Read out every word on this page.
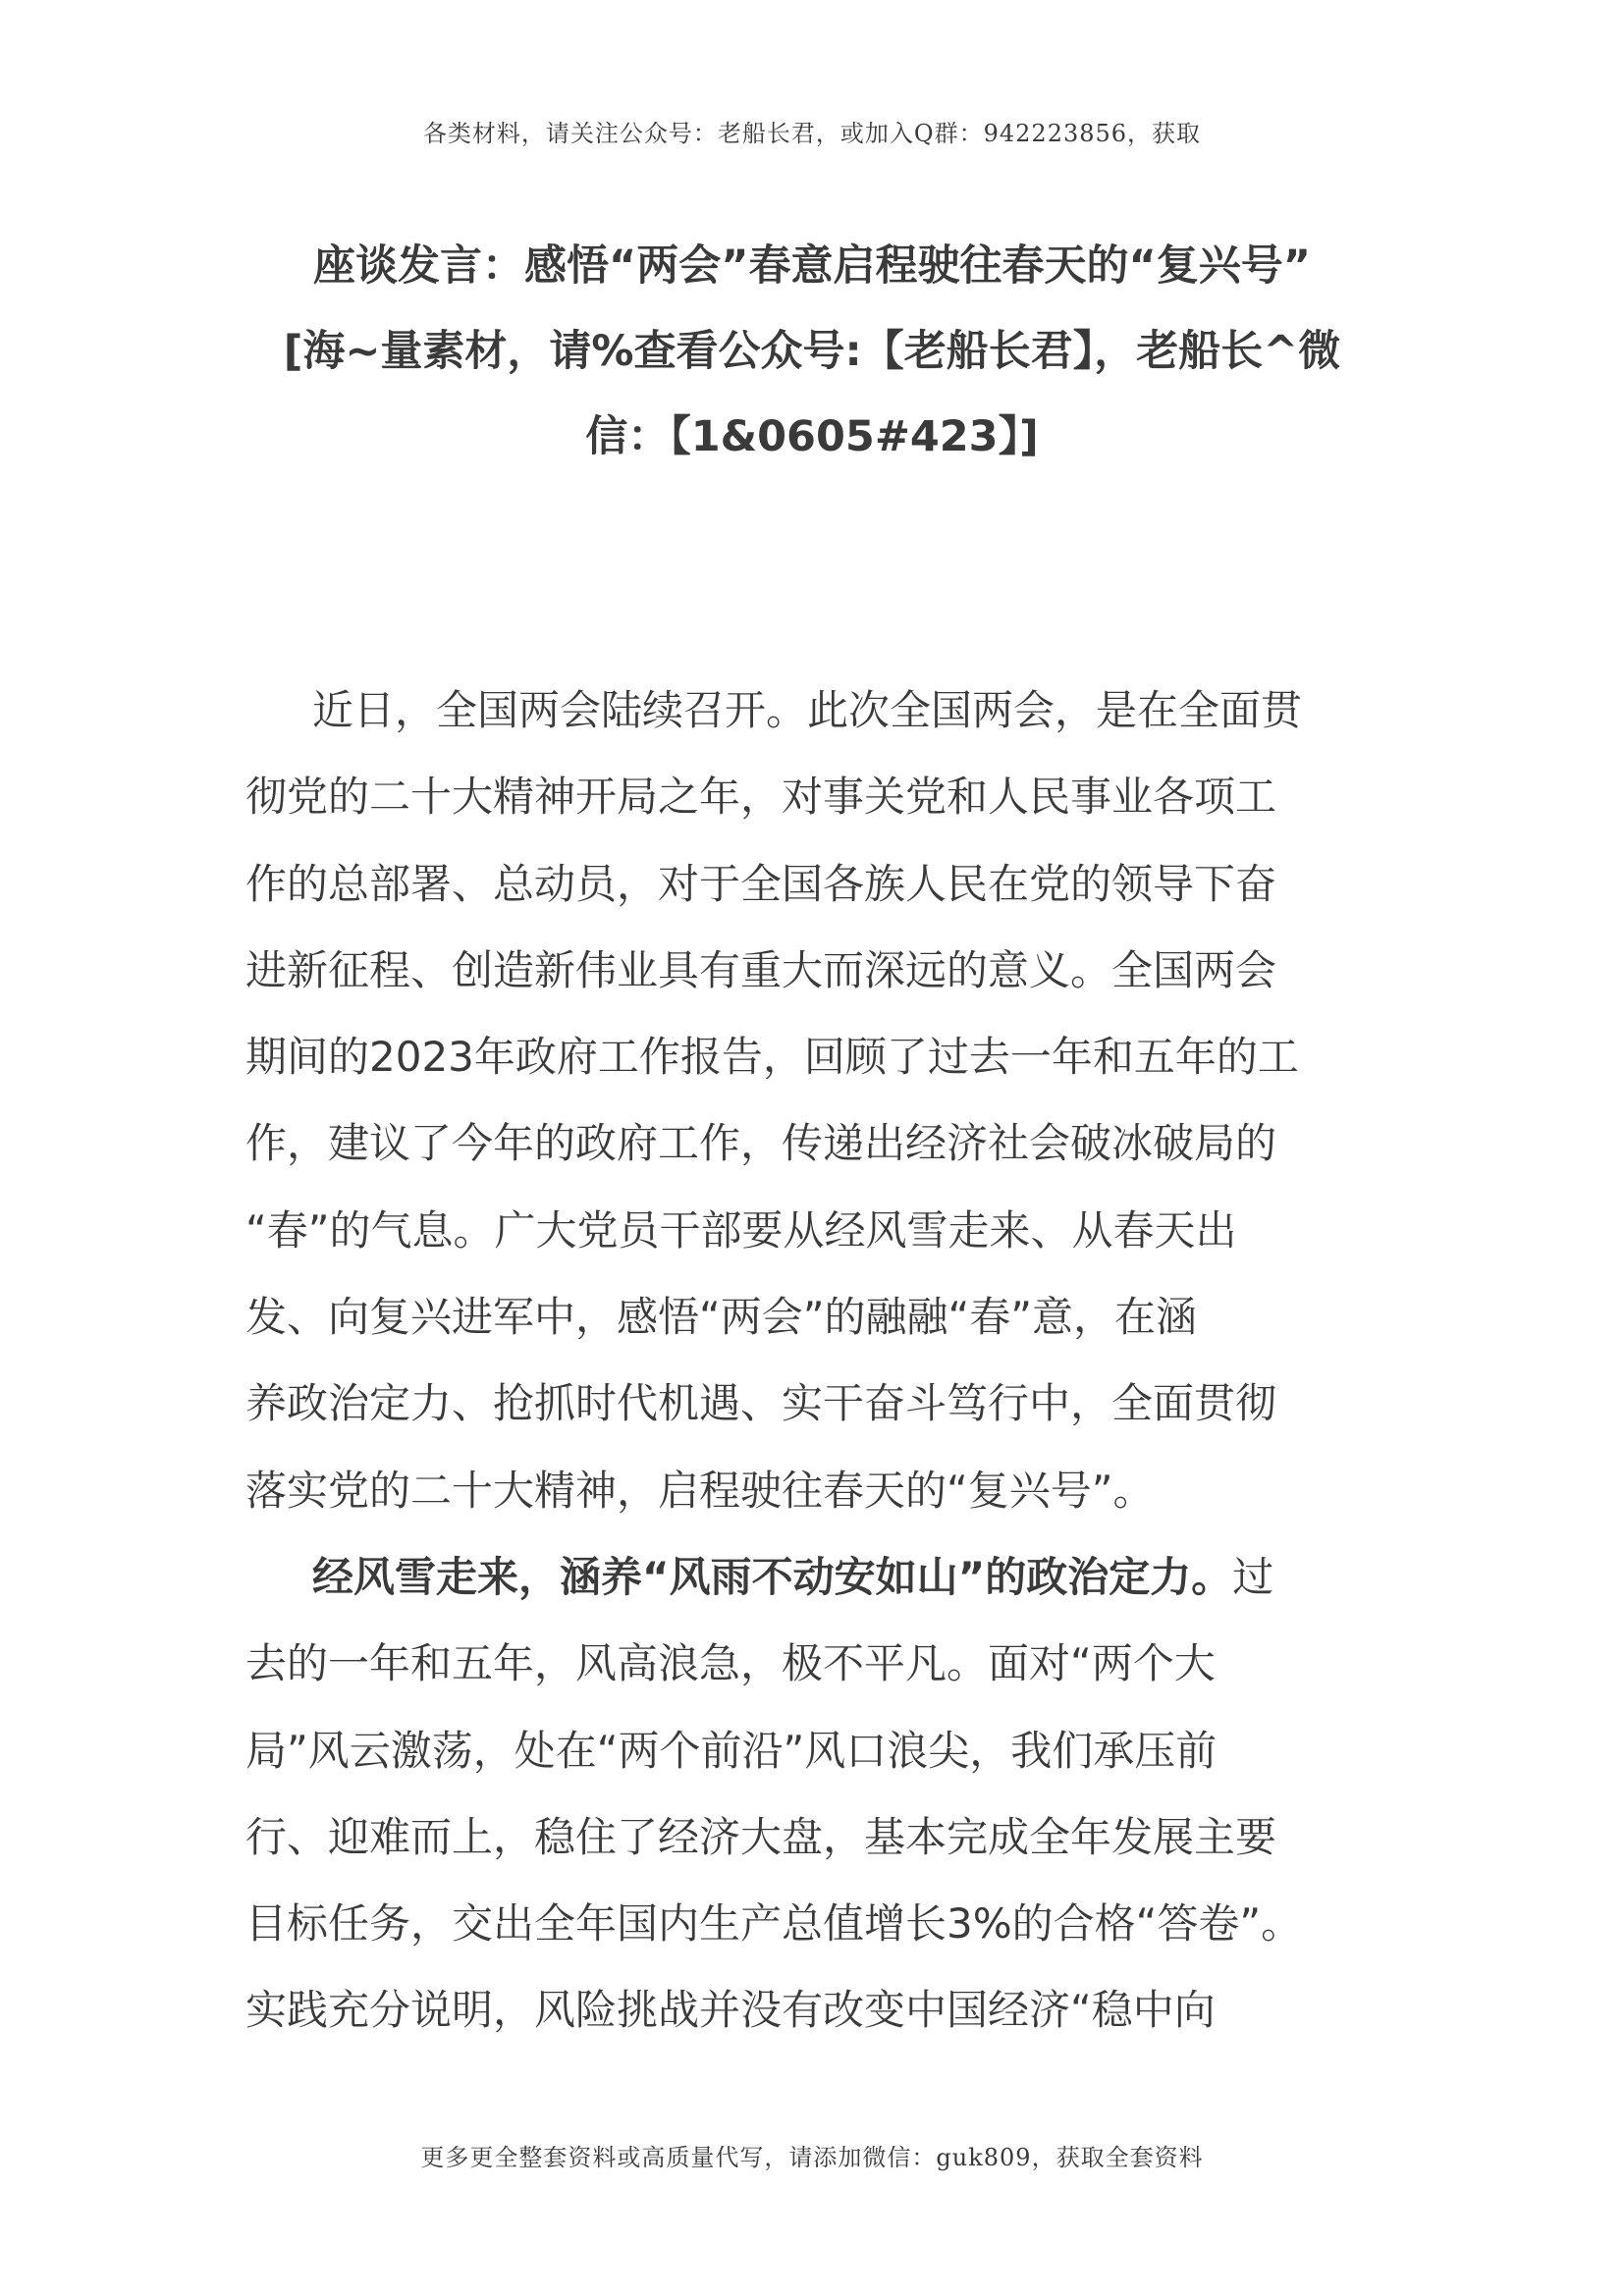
各类材料，请关注公众号：老船长君，或加入Q群：942223856，获取
座谈发言：感悟“两会”春意启程驶往春天的“复兴号”
[海~量素材，请%查看公众号:【老船长君】，老船长^微
信：【1&0605#423】]
近日，全国两会陆续召开。此次全国两会，是在全面贯
彻党的二十大精神开局之年，对事关党和人民事业各项工
作的总部署、总动员，对于全国各族人民在党的领导下奋
进新征程、创造新伟业具有重大而深远的意义。全国两会
期间的2023年政府工作报告，回顾了过去一年和五年的工
作，建议了今年的政府工作，传递出经济社会破冰破局的
“春”的气息。广大党员干部要从经风雪走来、从春天出
发、向复兴进军中，感悟“两会”的融融“春”意，在涵
养政治定力、抢抓时代机遇、实干奋斗笃行中，全面贯彻
落实党的二十大精神，启程驶往春天的“复兴号”。
经风雪走来，涵养“风雨不动安如山”的政治定力。过
去的一年和五年，风高浪急，极不平凡。面对“两个大
局”风云激荡，处在“两个前沿”风口浪尖，我们承压前
行、迎难而上，稳住了经济大盘，基本完成全年发展主要
目标任务，交出全年国内生产总值增长3%的合格“答卷”。
实践充分说明，风险挑战并没有改变中国经济“稳中向
更多更全整套资料或高质量代写，请添加微信：guk809，获取全套资料
